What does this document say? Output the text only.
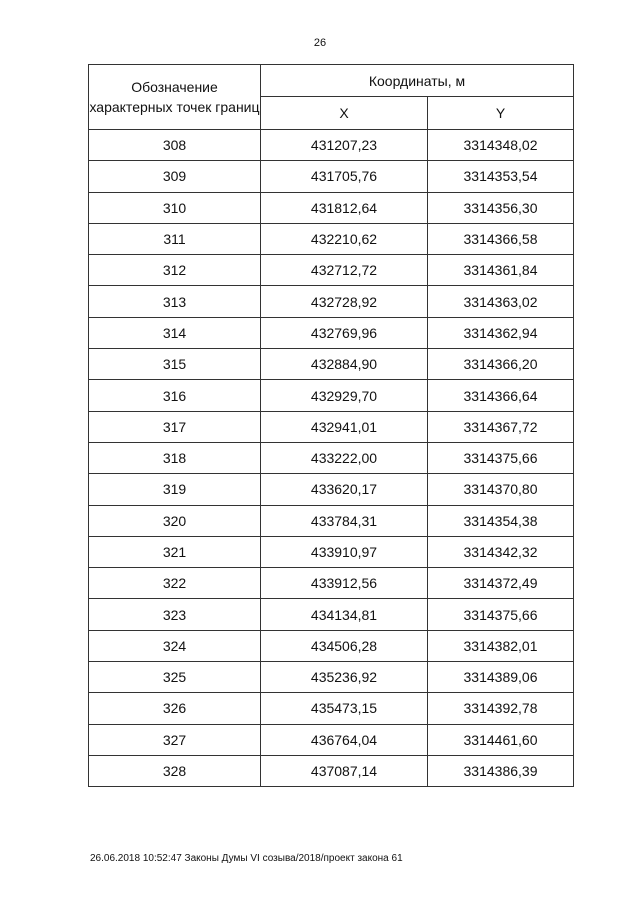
26
Обозначение характерных точек границ	Координаты, м	
	X	Y
308	431207,23	3314348,02
309	431705,76	3314353,54
310	431812,64	3314356,30
311	432210,62	3314366,58
312	432712,72	3314361,84
313	432728,92	3314363,02
314	432769,96	3314362,94
315	432884,90	3314366,20
316	432929,70	3314366,64
317	432941,01	3314367,72
318	433222,00	3314375,66
319	433620,17	3314370,80
320	433784,31	3314354,38
321	433910,97	3314342,32
322	433912,56	3314372,49
323	434134,81	3314375,66
324	434506,28	3314382,01
325	435236,92	3314389,06
326	435473,15	3314392,78
327	436764,04	3314461,60
328	437087,14	3314386,39
26.06.2018 10:52:47 Законы Думы VI созыва/2018/проект закона 61
